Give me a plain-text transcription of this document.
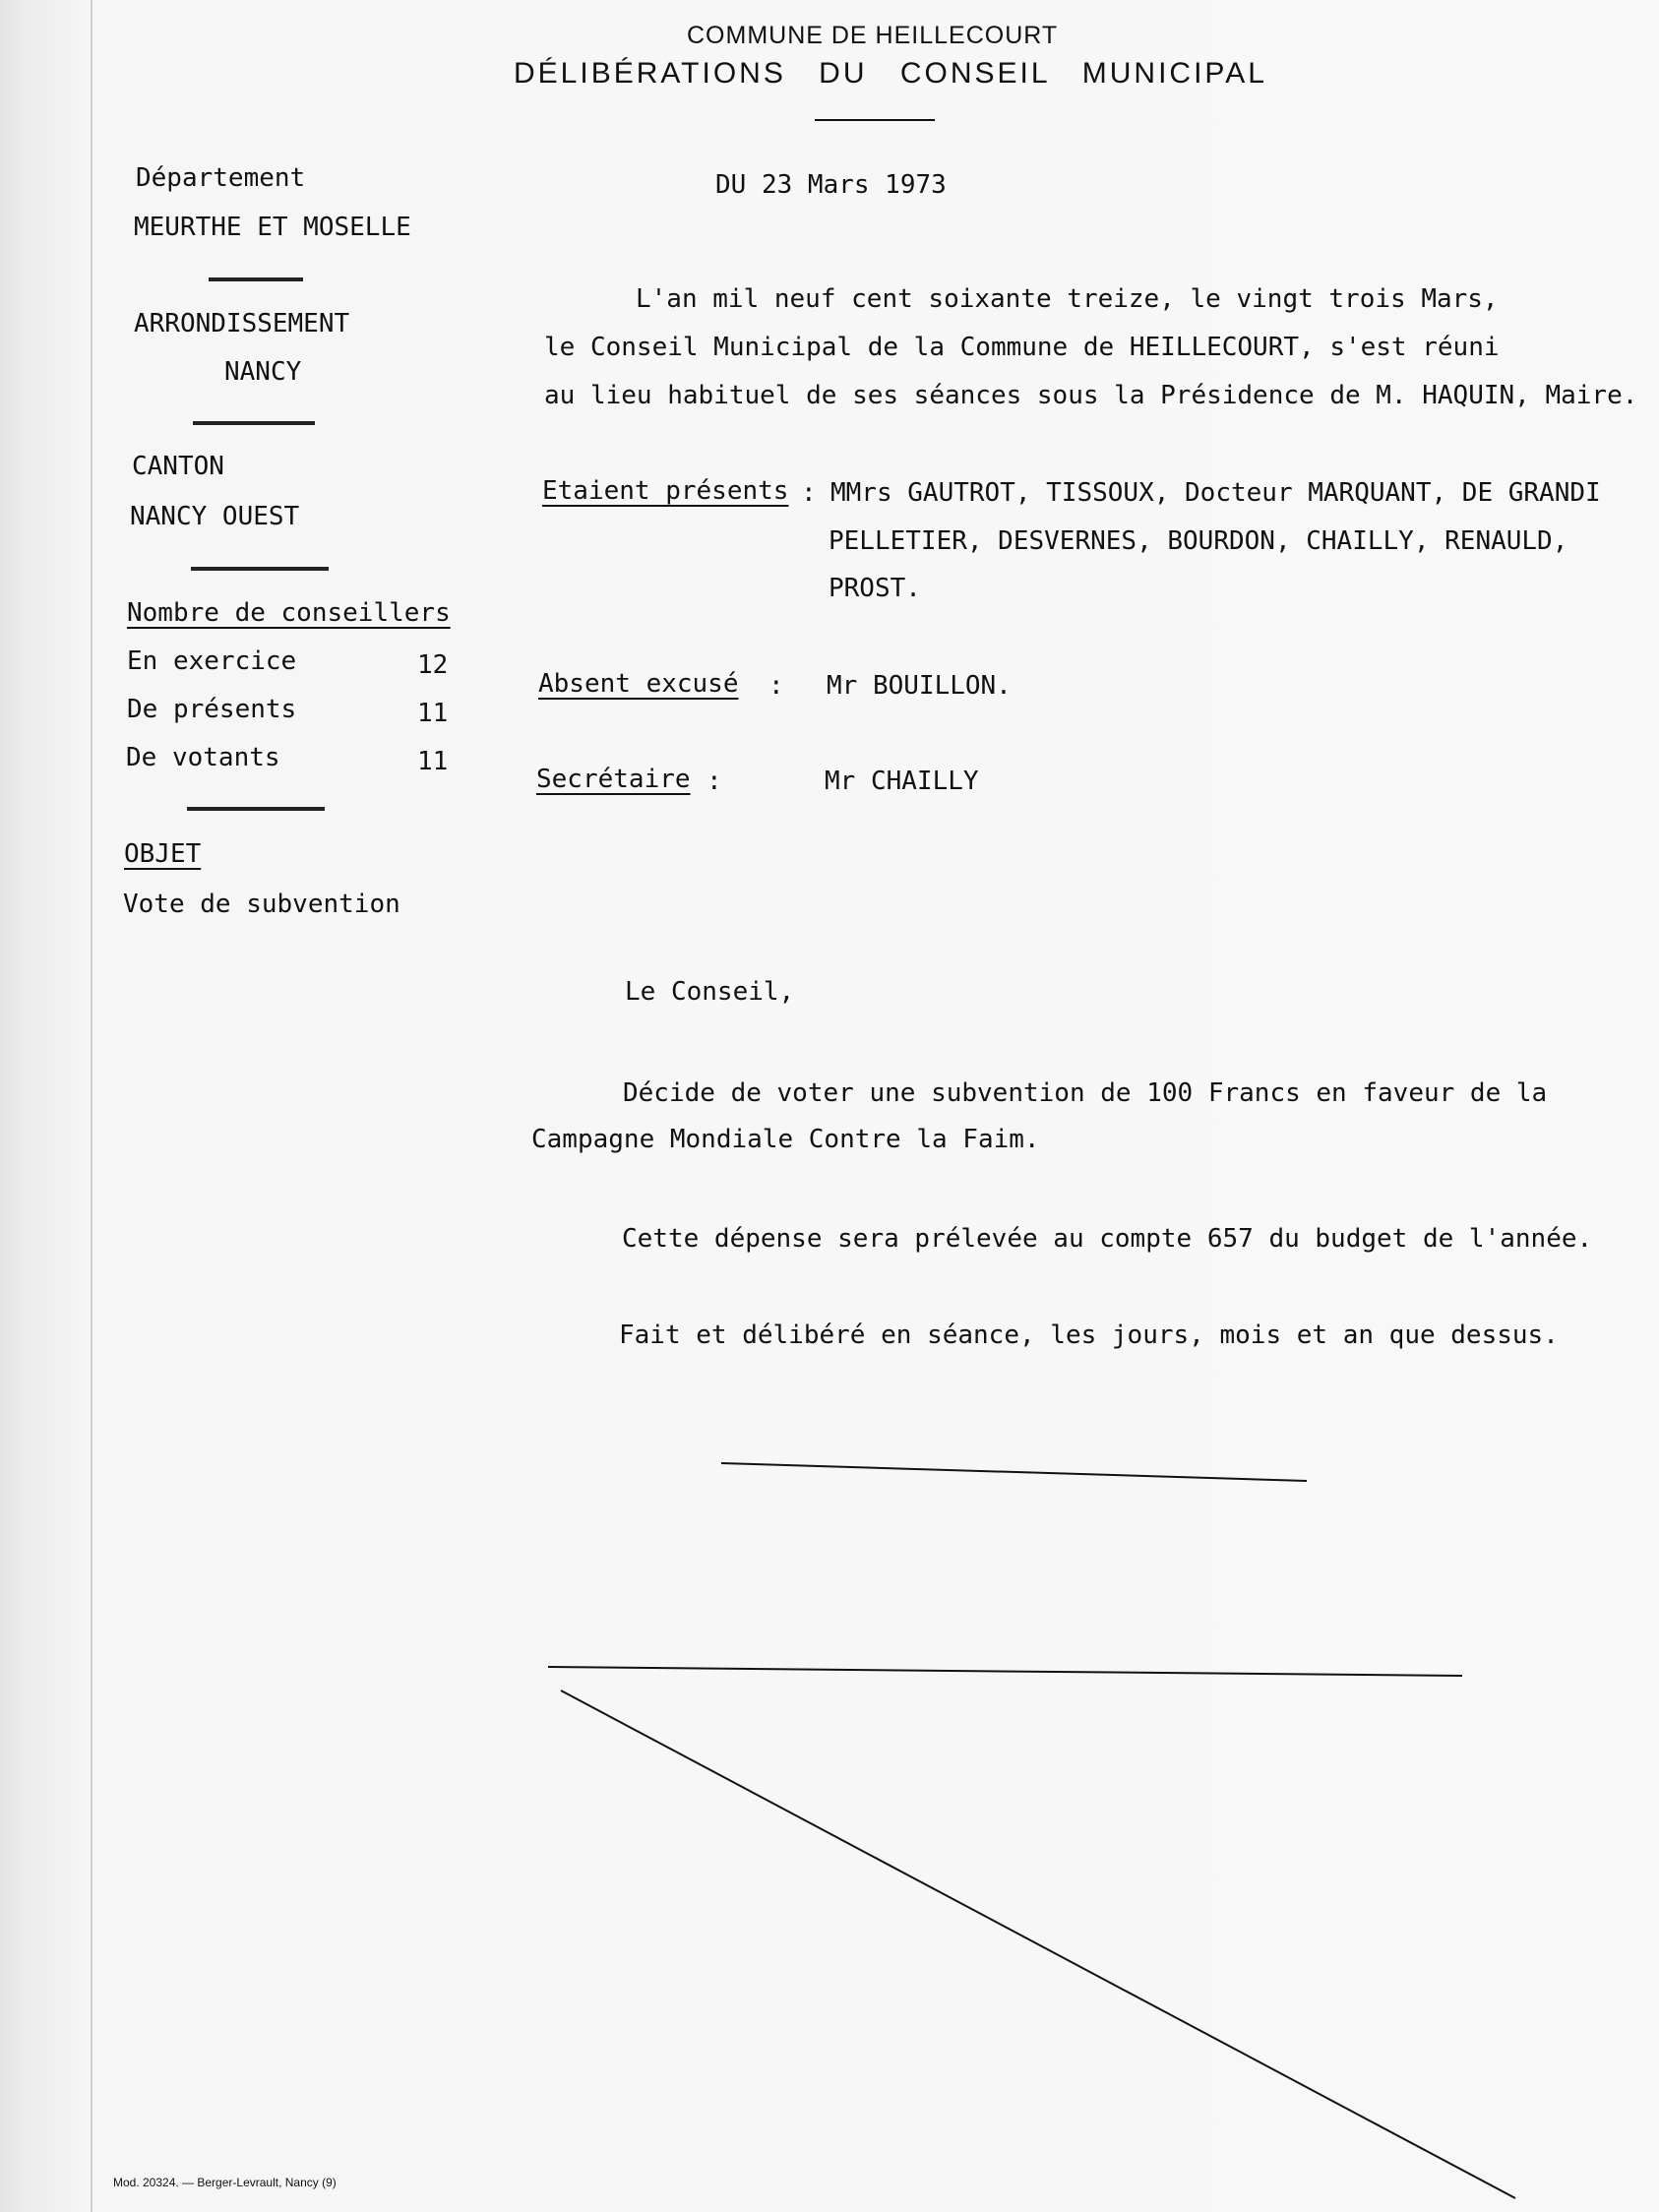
COMMUNE DE HEILLECOURT
DÉLIBÉRATIONS DU CONSEIL MUNICIPAL
Département
MEURTHE ET MOSELLE
ARRONDISSEMENT
NANCY
CANTON
NANCY OUEST
Nombre de conseillers
En exercice	12
De présents	11
De votants	11
OBJET
Vote de subvention
DU 23 Mars 1973
L'an mil neuf cent soixante treize, le vingt trois Mars,
le Conseil Municipal de la Commune de HEILLECOURT, s'est réuni
au lieu habituel de ses séances sous la Présidence de M. HAQUIN, Maire.
Etaient présents : MMrs GAUTROT, TISSOUX, Docteur MARQUANT, DE GRANDI
PELLETIER, DESVERNES, BOURDON, CHAILLY, RENAULD,
PROST.
Absent excusé : Mr BOUILLON.
Secrétaire :	Mr CHAILLY
Le Conseil,
Décide de voter une subvention de 100 Francs en faveur de la
Campagne Mondiale Contre la Faim.
Cette dépense sera prélevée au compte 657 du budget de l'année.
Fait et délibéré en séance, les jours, mois et an que dessus.
Mod. 20324. — Berger-Levrault, Nancy (9)
